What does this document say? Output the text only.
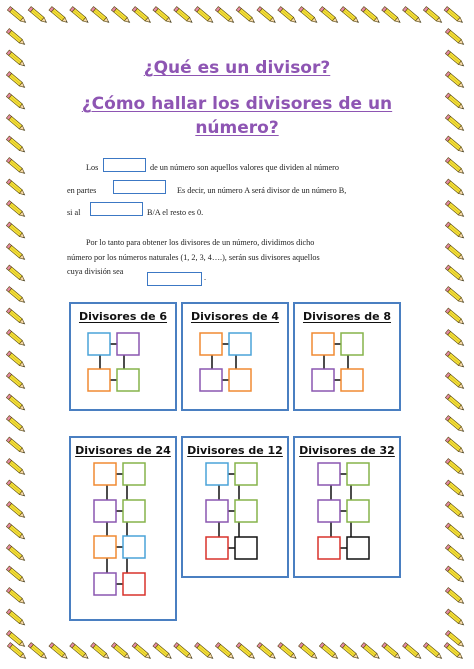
¿Qué es un divisor?
¿Cómo hallar los divisores de un
número?
Los	de un número son aquellos valores que dividen al número
en partes	Es decir, un número A será divisor de un número B,
si al	B/A el resto es 0.
Por lo tanto para obtener los divisores de un número, dividimos dicho
número por los números naturales (1, 2, 3, 4….), serán sus divisores aquellos
cuya división sea
.
Divisores de 6	Divisores de 4	Divisores de 8
Divisores de 24	Divisores de 12	Divisores de 32
